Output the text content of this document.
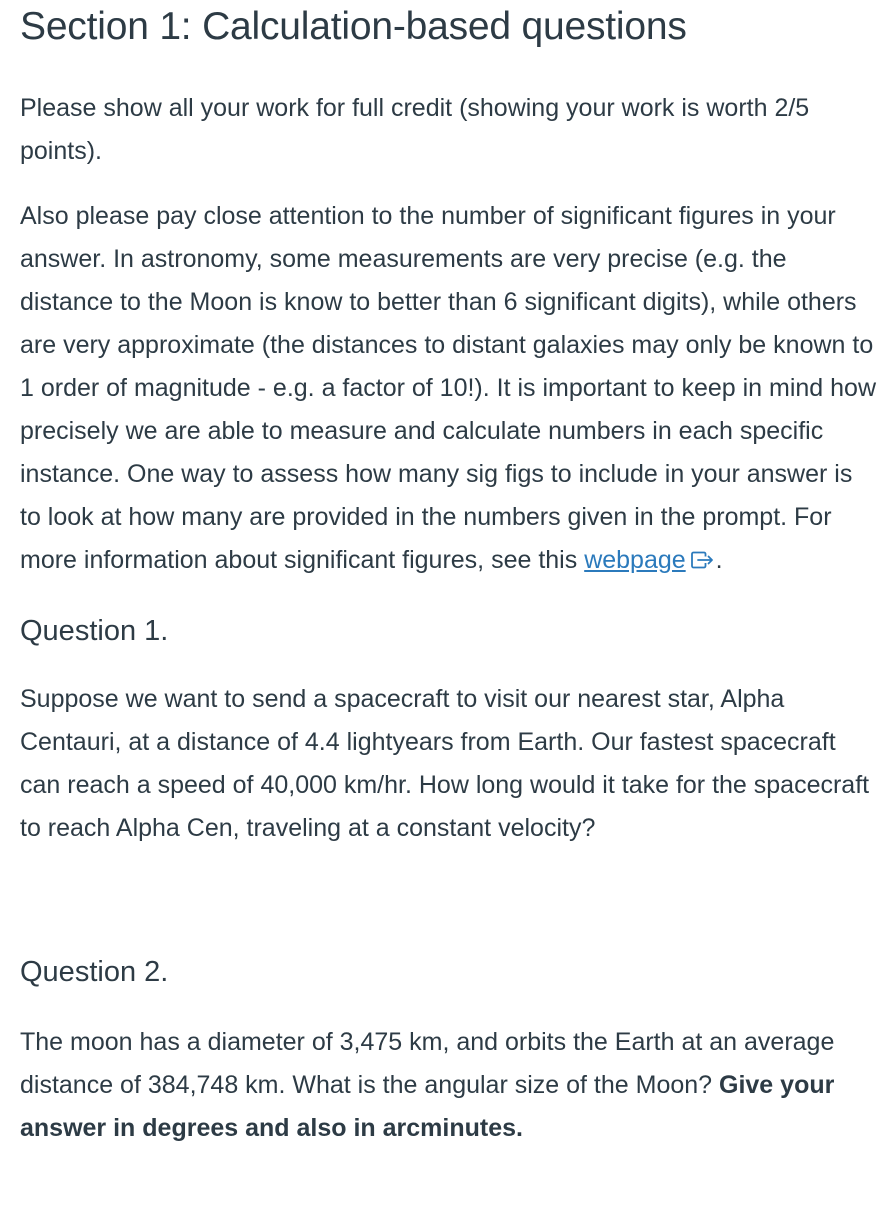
Section 1: Calculation-based questions

Please show all your work for full credit (showing your work is worth 2/5 points).

Also please pay close attention to the number of significant figures in your answer. In astronomy, some measurements are very precise (e.g. the distance to the Moon is know to better than 6 significant digits), while others are very approximate (the distances to distant galaxies may only be known to 1 order of magnitude - e.g. a factor of 10!). It is important to keep in mind how precisely we are able to measure and calculate numbers in each specific instance. One way to assess how many sig figs to include in your answer is to look at how many are provided in the numbers given in the prompt. For more information about significant figures, see this webpage .

Question 1.

Suppose we want to send a spacecraft to visit our nearest star, Alpha Centauri, at a distance of 4.4 lightyears from Earth. Our fastest spacecraft can reach a speed of 40,000 km/hr. How long would it take for the spacecraft to reach Alpha Cen, traveling at a constant velocity?

Question 2.

The moon has a diameter of 3,475 km, and orbits the Earth at an average distance of 384,748 km. What is the angular size of the Moon? Give your answer in degrees and also in arcminutes.
